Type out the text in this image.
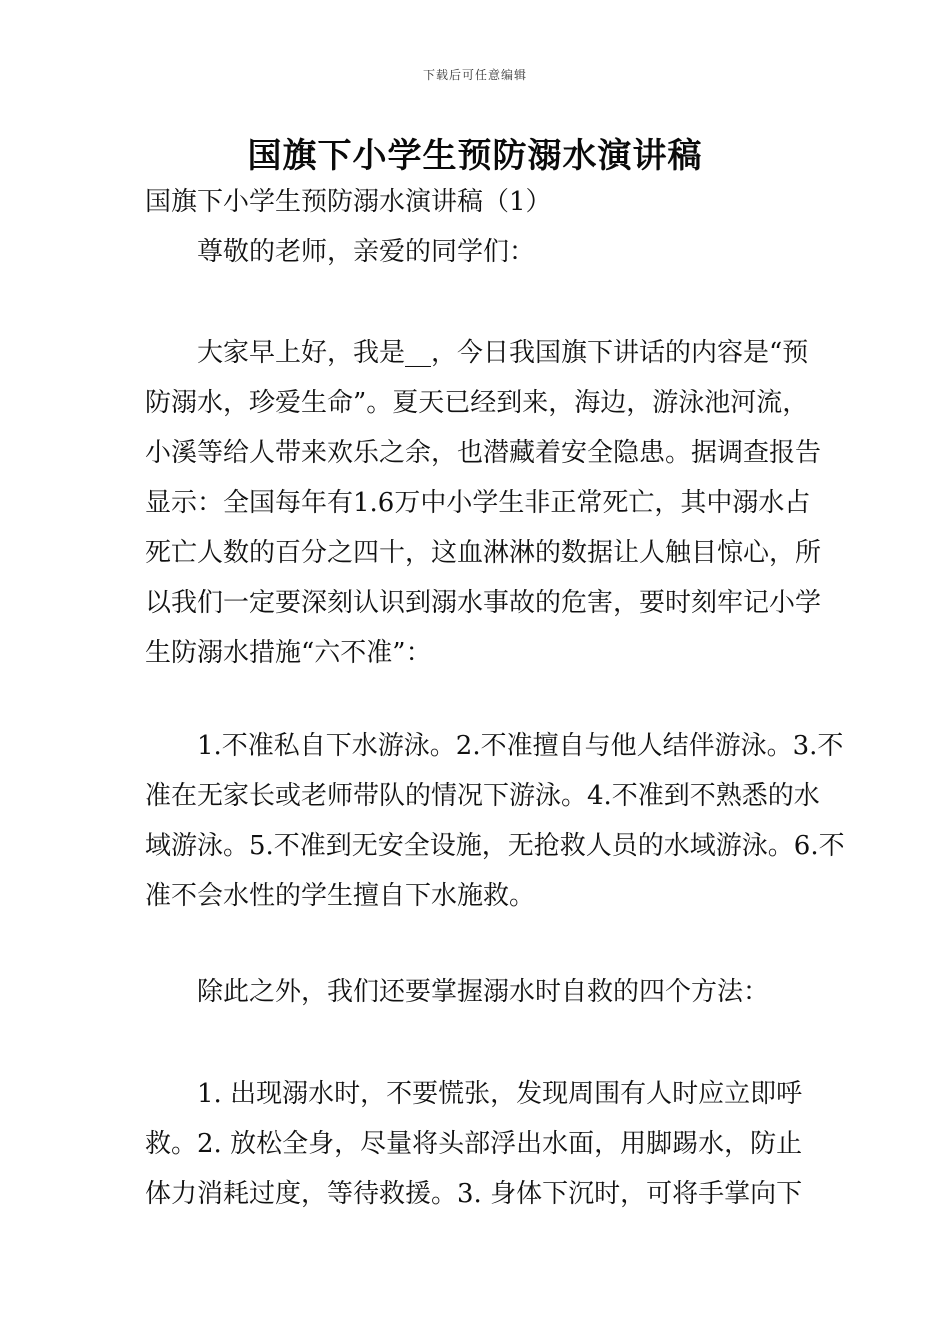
下载后可任意编辑
国旗下小学生预防溺水演讲稿

国旗下小学生预防溺水演讲稿（1）

尊敬的老师，亲爱的同学们：

大家早上好，我是__，今日我国旗下讲话的内容是“预防溺水，珍爱生命”。夏天已经到来，海边，游泳池河流，小溪等给人带来欢乐之余，也潜藏着安全隐患。据调查报告显示：全国每年有1.6万中小学生非正常死亡，其中溺水占死亡人数的百分之四十，这血淋淋的数据让人触目惊心，所以我们一定要深刻认识到溺水事故的危害，要时刻牢记小学生防溺水措施“六不准”：

1.不准私自下水游泳。2.不准擅自与他人结伴游泳。3.不准在无家长或老师带队的情况下游泳。4.不准到不熟悉的水域游泳。5.不准到无安全设施，无抢救人员的水域游泳。6.不准不会水性的学生擅自下水施救。

除此之外，我们还要掌握溺水时自救的四个方法：

1. 出现溺水时，不要慌张，发现周围有人时应立即呼救。2. 放松全身，尽量将头部浮出水面，用脚踢水，防止体力消耗过度，等待救援。3. 身体下沉时，可将手掌向下
